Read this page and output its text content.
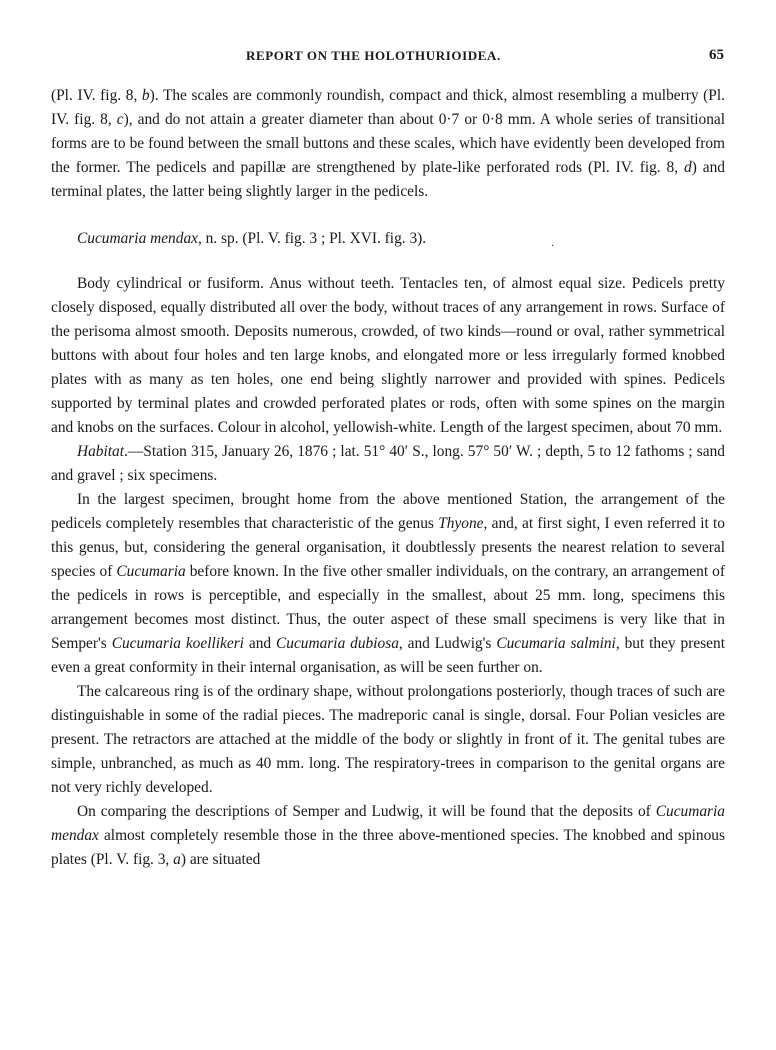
REPORT ON THE HOLOTHURIOIDEA.	65
·

(Pl. IV. fig. 8, b). The scales are commonly roundish, compact and thick, almost resembling a mulberry (Pl. IV. fig. 8, c), and do not attain a greater diameter than about 0·7 or 0·8 mm. A whole series of transitional forms are to be found between the small buttons and these scales, which have evidently been developed from the former. The pedicels and papillæ are strengthened by plate-like perforated rods (Pl. IV. fig. 8, d) and terminal plates, the latter being slightly larger in the pedicels.

Cucumaria mendax, n. sp. (Pl. V. fig. 3 ; Pl. XVI. fig. 3).

Body cylindrical or fusiform. Anus without teeth. Tentacles ten, of almost equal size. Pedicels pretty closely disposed, equally distributed all over the body, without traces of any arrangement in rows. Surface of the perisoma almost smooth. Deposits numerous, crowded, of two kinds—round or oval, rather symmetrical buttons with about four holes and ten large knobs, and elongated more or less irregularly formed knobbed plates with as many as ten holes, one end being slightly narrower and provided with spines. Pedicels supported by terminal plates and crowded perforated plates or rods, often with some spines on the margin and knobs on the surfaces. Colour in alcohol, yellowish-white. Length of the largest specimen, about 70 mm.

Habitat.—Station 315, January 26, 1876 ; lat. 51° 40′ S., long. 57° 50′ W. ; depth, 5 to 12 fathoms ; sand and gravel ; six specimens.

In the largest specimen, brought home from the above mentioned Station, the arrangement of the pedicels completely resembles that characteristic of the genus Thyone, and, at first sight, I even referred it to this genus, but, considering the general organisation, it doubtlessly presents the nearest relation to several species of Cucumaria before known. In the five other smaller individuals, on the contrary, an arrangement of the pedicels in rows is perceptible, and especially in the smallest, about 25 mm. long, specimens this arrangement becomes most distinct. Thus, the outer aspect of these small specimens is very like that in Semper's Cucumaria koellikeri and Cucumaria dubiosa, and Ludwig's Cucumaria salmini, but they present even a great conformity in their internal organisation, as will be seen further on.

The calcareous ring is of the ordinary shape, without prolongations posteriorly, though traces of such are distinguishable in some of the radial pieces. The madreporic canal is single, dorsal. Four Polian vesicles are present. The retractors are attached at the middle of the body or slightly in front of it. The genital tubes are simple, unbranched, as much as 40 mm. long. The respiratory-trees in comparison to the genital organs are not very richly developed.

On comparing the descriptions of Semper and Ludwig, it will be found that the deposits of Cucumaria mendax almost completely resemble those in the three above-mentioned species. The knobbed and spinous plates (Pl. V. fig. 3, a) are situated
